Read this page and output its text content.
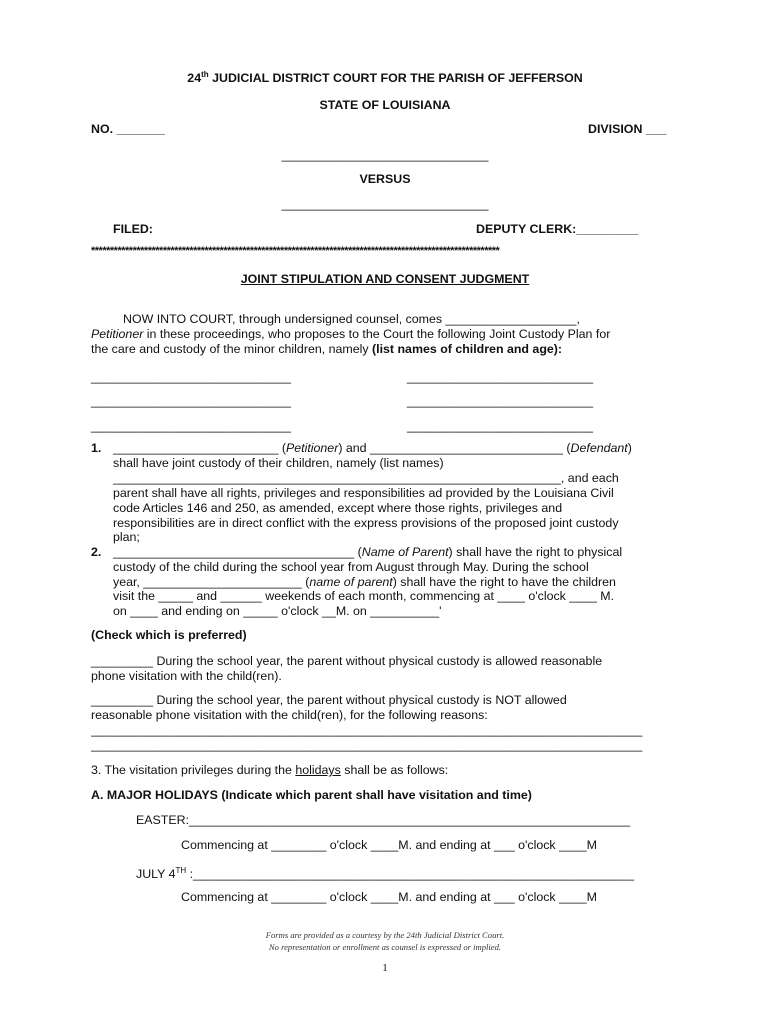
24th JUDICIAL DISTRICT COURT FOR THE PARISH OF JEFFERSON
STATE OF LOUISIANA
NO. _______	DIVISION ___
______________________________
VERSUS
______________________________
FILED:	DEPUTY CLERK:_________
************************************************************************************************************
JOINT STIPULATION AND CONSENT JUDGMENT
NOW INTO COURT, through undersigned counsel, comes ___________________,
Petitioner in these proceedings, who proposes to the Court the following Joint Custody Plan for
the care and custody of the minor children, namely (list names of children and age):
_____________________________	___________________________
_____________________________	___________________________
_____________________________	___________________________
1. ________________________ (Petitioner) and ____________________________ (Defendant)
shall have joint custody of their children, namely (list names)
_________________________________________________________________, and each
parent shall have all rights, privileges and responsibilities ad provided by the Louisiana Civil
code Articles 146 and 250, as amended, except where those rights, privileges and
responsibilities are in direct conflict with the express provisions of the proposed joint custody
plan;
2. ___________________________________ (Name of Parent) shall have the right to physical
custody of the child during the school year from August through May. During the school
year, _______________________ (name of parent) shall have the right to have the children
visit the _____ and ______ weekends of each month, commencing at ____ o'clock ____ M.
on ____ and ending on _____ o'clock __M. on __________'
(Check which is preferred)
_________ During the school year, the parent without physical custody is allowed reasonable
phone visitation with the child(ren).
_________ During the school year, the parent without physical custody is NOT allowed
reasonable phone visitation with the child(ren), for the following reasons:
________________________________________________________________________________
________________________________________________________________________________
3. The visitation privileges during the holidays shall be as follows:
A. MAJOR HOLIDAYS (Indicate which parent shall have visitation and time)
EASTER:________________________________________________________________
Commencing at ________ o'clock ____M. and ending at ___ o'clock ____M
JULY 4TH :________________________________________________________________
Commencing at ________ o'clock ____M. and ending at ___ o'clock ____M
Forms are provided as a courtesy by the 24th Judicial District Court.
No representation or enrollment as counsel is expressed or implied.
1
